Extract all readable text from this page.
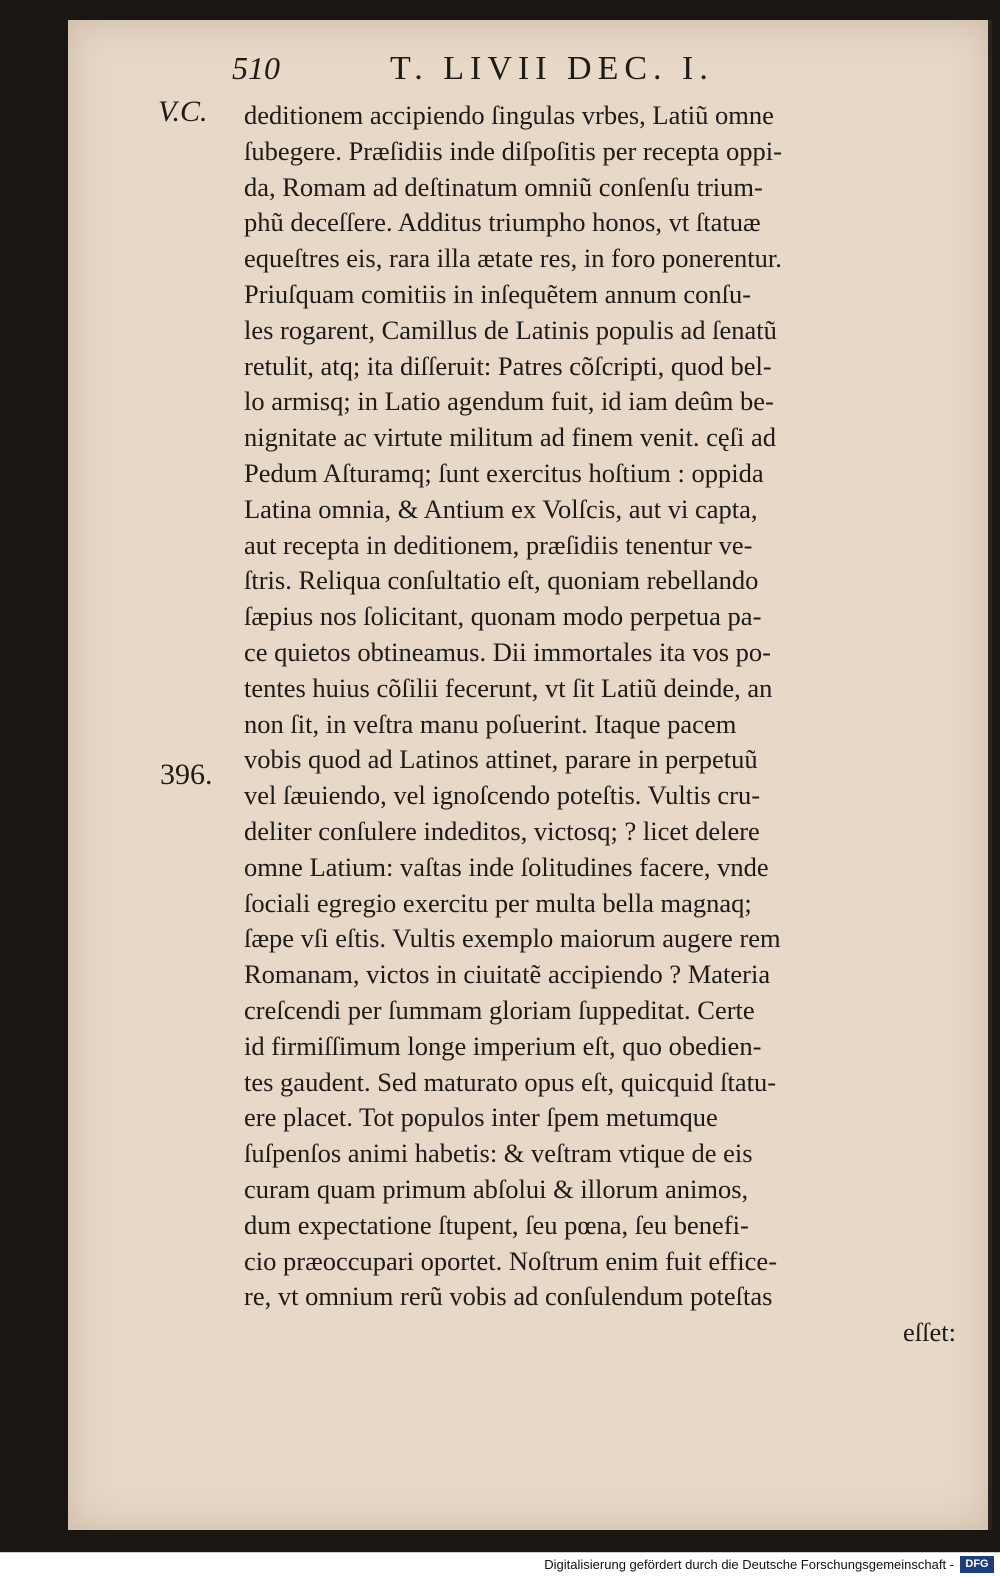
510	T. LIVII DEC. I.
V.C.
396.
deditionem accipiendo ſingulas vrbes, Latiũ omne
ſubegere. Præſidiis inde diſpoſitis per recepta oppi-
da, Romam ad deſtinatum omniũ conſenſu trium-
phũ deceſſere. Additus triumpho honos, vt ſtatuæ
equeſtres eis, rara illa ætate res, in foro ponerentur.
Priuſquam comitiis in inſequẽtem annum conſu-
les rogarent, Camillus de Latinis populis ad ſenatũ
retulit, atq; ita diſſeruit: Patres cõſcripti, quod bel-
lo armisq; in Latio agendum fuit, id iam deûm be-
nignitate ac virtute militum ad finem venit. cęſi ad
Pedum Aſturamq; ſunt exercitus hoſtium : oppida
Latina omnia, & Antium ex Volſcis, aut vi capta,
aut recepta in deditionem, præſidiis tenentur ve-
ſtris. Reliqua conſultatio eſt, quoniam rebellando
ſæpius nos ſolicitant, quonam modo perpetua pa-
ce quietos obtineamus. Dii immortales ita vos po-
tentes huius cõſilii fecerunt, vt ſit Latiũ deinde, an
non ſit, in veſtra manu poſuerint. Itaque pacem
vobis quod ad Latinos attinet, parare in perpetuũ
vel ſæuiendo, vel ignoſcendo poteſtis. Vultis cru-
deliter conſulere indeditos, victosq; ? licet delere
omne Latium: vaſtas inde ſolitudines facere, vnde
ſociali egregio exercitu per multa bella magnaq;
ſæpe vſi eſtis. Vultis exemplo maiorum augere rem
Romanam, victos in ciuitatẽ accipiendo ? Materia
creſcendi per ſummam gloriam ſuppeditat. Certe
id firmiſſimum longe imperium eſt, quo obedien-
tes gaudent. Sed maturato opus eſt, quicquid ſtatu-
ere placet. Tot populos inter ſpem metumque
ſuſpenſos animi habetis: & veſtram vtique de eis
curam quam primum abſolui & illorum animos,
dum expectatione ſtupent, ſeu pœna, ſeu benefi-
cio præoccupari oportet. Noſtrum enim fuit effice-
re, vt omnium rerũ vobis ad conſulendum poteſtas
eſſet:
Digitalisierung gefördert durch die Deutsche Forschungsgemeinschaft -	DFG
